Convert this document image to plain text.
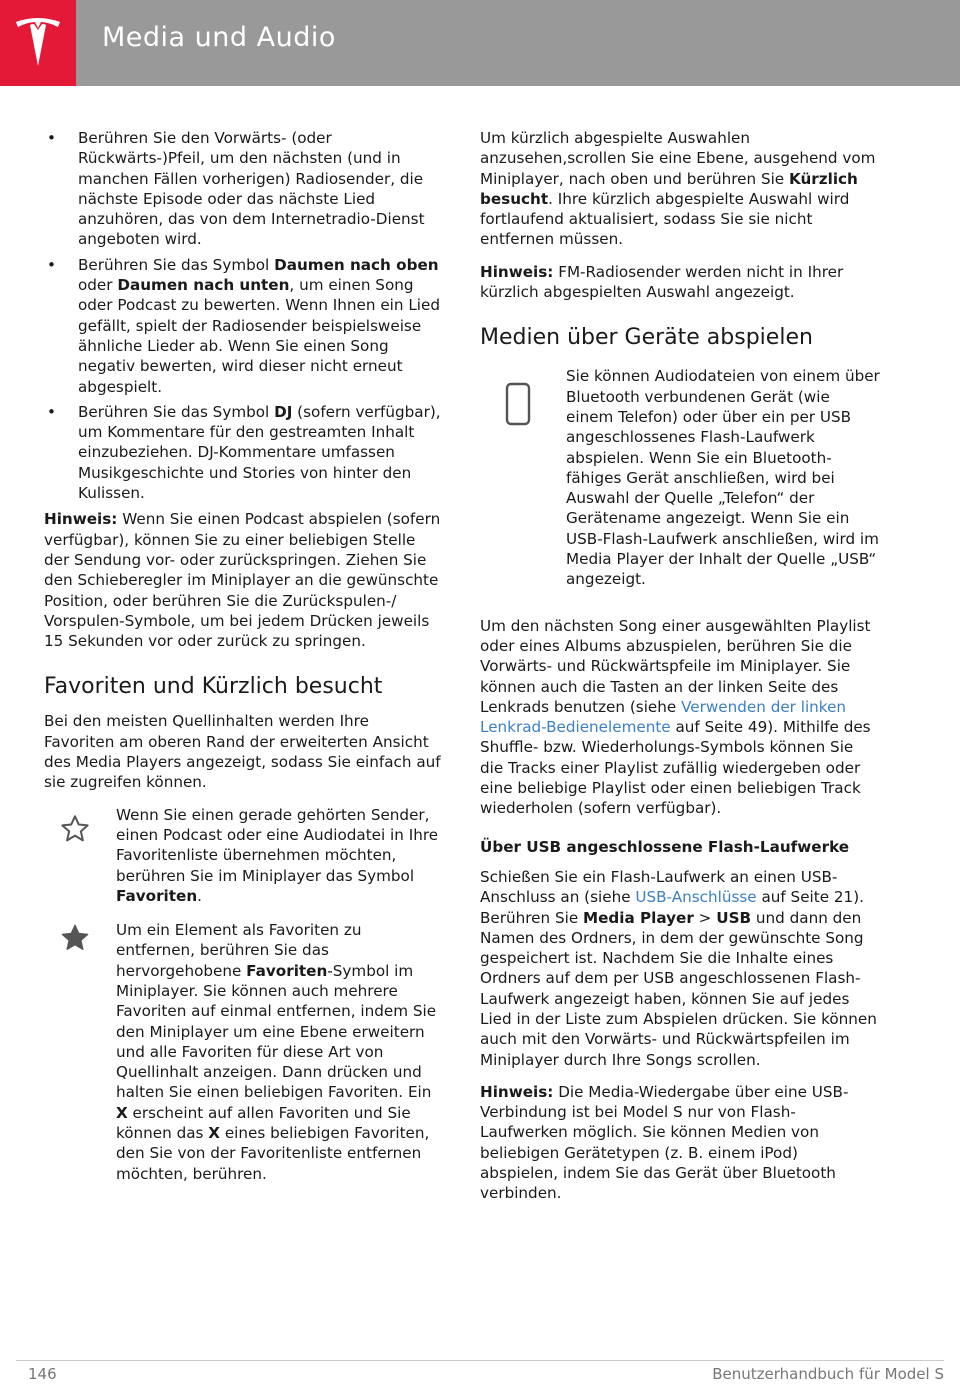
Media und Audio
• Berühren Sie den Vorwärts- (oder Rückwärts-)Pfeil, um den nächsten (und in manchen Fällen vorherigen) Radiosender, die nächste Episode oder das nächste Lied anzuhören, das von dem Internetradio-Dienst angeboten wird.
• Berühren Sie das Symbol Daumen nach oben oder Daumen nach unten, um einen Song oder Podcast zu bewerten. Wenn Ihnen ein Lied gefällt, spielt der Radiosender beispielsweise ähnliche Lieder ab. Wenn Sie einen Song negativ bewerten, wird dieser nicht erneut abgespielt.
• Berühren Sie das Symbol DJ (sofern verfügbar), um Kommentare für den gestreamten Inhalt einzubeziehen. DJ-Kommentare umfassen Musikgeschichte und Stories von hinter den Kulissen.

Hinweis: Wenn Sie einen Podcast abspielen (sofern verfügbar), können Sie zu einer beliebigen Stelle der Sendung vor- oder zurückspringen. Ziehen Sie den Schieberegler im Miniplayer an die gewünschte Position, oder berühren Sie die Zurückspulen-/ Vorspulen-Symbole, um bei jedem Drücken jeweils 15 Sekunden vor oder zurück zu springen.

Favoriten und Kürzlich besucht

Bei den meisten Quellinhalten werden Ihre Favoriten am oberen Rand der erweiterten Ansicht des Media Players angezeigt, sodass Sie einfach auf sie zugreifen können.

Wenn Sie einen gerade gehörten Sender, einen Podcast oder eine Audiodatei in Ihre Favoritenliste übernehmen möchten, berühren Sie im Miniplayer das Symbol Favoriten.
Um ein Element als Favoriten zu entfernen, berühren Sie das hervorgehobene Favoriten-Symbol im Miniplayer. Sie können auch mehrere Favoriten auf einmal entfernen, indem Sie den Miniplayer um eine Ebene erweitern und alle Favoriten für diese Art von Quellinhalt anzeigen. Dann drücken und halten Sie einen beliebigen Favoriten. Ein X erscheint auf allen Favoriten und Sie können das X eines beliebigen Favoriten, den Sie von der Favoritenliste entfernen möchten, berühren.

Um kürzlich abgespielte Auswahlen anzusehen,scrollen Sie eine Ebene, ausgehend vom Miniplayer, nach oben und berühren Sie Kürzlich besucht. Ihre kürzlich abgespielte Auswahl wird fortlaufend aktualisiert, sodass Sie sie nicht entfernen müssen.

Hinweis: FM-Radiosender werden nicht in Ihrer kürzlich abgespielten Auswahl angezeigt.

Medien über Geräte abspielen
Sie können Audiodateien von einem über Bluetooth verbundenen Gerät (wie einem Telefon) oder über ein per USB angeschlossenes Flash-Laufwerk abspielen. Wenn Sie ein Bluetooth-fähiges Gerät anschließen, wird bei Auswahl der Quelle „Telefon“ der Gerätename angezeigt. Wenn Sie ein USB-Flash-Laufwerk anschließen, wird im Media Player der Inhalt der Quelle „USB“ angezeigt.

Um den nächsten Song einer ausgewählten Playlist oder eines Albums abzuspielen, berühren Sie die Vorwärts- und Rückwärtspfeile im Miniplayer. Sie können auch die Tasten an der linken Seite des Lenkrads benutzen (siehe Verwenden der linken Lenkrad-Bedienelemente auf Seite 49). Mithilfe des Shuffle- bzw. Wiederholungs-Symbols können Sie die Tracks einer Playlist zufällig wiedergeben oder eine beliebige Playlist oder einen beliebigen Track wiederholen (sofern verfügbar).

Über USB angeschlossene Flash-Laufwerke

Schießen Sie ein Flash-Laufwerk an einen USB-Anschluss an (siehe USB-Anschlüsse auf Seite 21). Berühren Sie Media Player > USB und dann den Namen des Ordners, in dem der gewünschte Song gespeichert ist. Nachdem Sie die Inhalte eines Ordners auf dem per USB angeschlossenen Flash-Laufwerk angezeigt haben, können Sie auf jedes Lied in der Liste zum Abspielen drücken. Sie können auch mit den Vorwärts- und Rückwärtspfeilen im Miniplayer durch Ihre Songs scrollen.

Hinweis: Die Media-Wiedergabe über eine USB-Verbindung ist bei Model S nur von Flash-Laufwerken möglich. Sie können Medien von beliebigen Gerätetypen (z. B. einem iPod) abspielen, indem Sie das Gerät über Bluetooth verbinden.

146	Benutzerhandbuch für Model S
